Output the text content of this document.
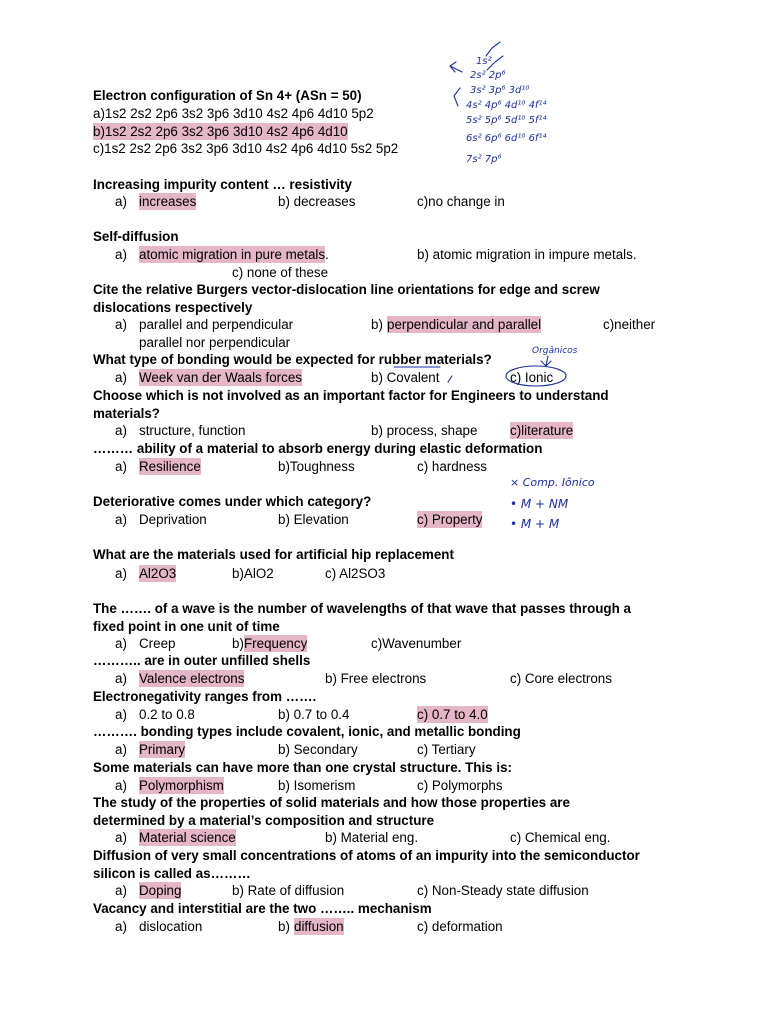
Electron configuration of Sn 4+ (ASn = 50)
a)1s2 2s2 2p6 3s2 3p6 3d10 4s2 4p6 4d10 5p2
b)1s2 2s2 2p6 3s2 3p6 3d10 4s2 4p6 4d10
c)1s2 2s2 2p6 3s2 3p6 3d10 4s2 4p6 4d10 5s2 5p2
Increasing impurity content … resistivity
a) increases	b) decreases	c)no change in
Self-diffusion
a) atomic migration in pure metals .	b) atomic migration in impure metals.
c) none of these
Cite the relative Burgers vector-dislocation line orientations for edge and screw
dislocations respectively
a) parallel and perpendicular	b) perpendicular and parallel	c)neither
parallel nor perpendicular
What type of bonding would be expected for rubber materials?
a) Week van der Waals forces	b) Covalent	c) Ionic
Choose which is not involved as an important factor for Engineers to understand
materials?
a) structure, function	b) process, shape c)literature
……… ability of a material to absorb energy during elastic deformation
a) Resilience	b)Toughness	c) hardness
Deteriorative comes under which category?
a) Deprivation	b) Elevation	c) Property
What are the materials used for artificial hip replacement
a) Al2O3	b)AlO2	c) Al2SO3
The ……. of a wave is the number of wavelengths of that wave that passes through a
fixed point in one unit of time
a) Creep	b) Frequency	c)Wavenumber
……….. are in outer unfilled shells
a) Valence electrons	b) Free electrons	c) Core electrons
Electronegativity ranges from …….
a) 0.2 to 0.8	b) 0.7 to 0.4	c) 0.7 to 4.0
………. bonding types include covalent, ionic, and metallic bonding
a) Primary	b) Secondary	c) Tertiary
Some materials can have more than one crystal structure. This is:
a) Polymorphism	b) Isomerism	c) Polymorphs
The study of the properties of solid materials and how those properties are
determined by a material’s composition and structure
a) Material science	b) Material eng.	c) Chemical eng.
Diffusion of very small concentrations of atoms of an impurity into the semiconductor
silicon is called as………
a) Doping	b) Rate of diffusion	c) Non-Steady state diffusion
Vacancy and interstitial are the two …….. mechanism
a) dislocation	b) diffusion	c) deformation
1s²
2s² 2p⁶
3s² 3p⁶ 3d¹⁰
4s² 4p⁶ 4d¹⁰ 4f¹⁴
5s² 5p⁶ 5d¹⁰ 5f¹⁴
6s² 6p⁶ 6d¹⁰ 6f¹⁴
7s² 7p⁶
Orgânicos
× Comp. Iônico
• M + NM
• M + M
